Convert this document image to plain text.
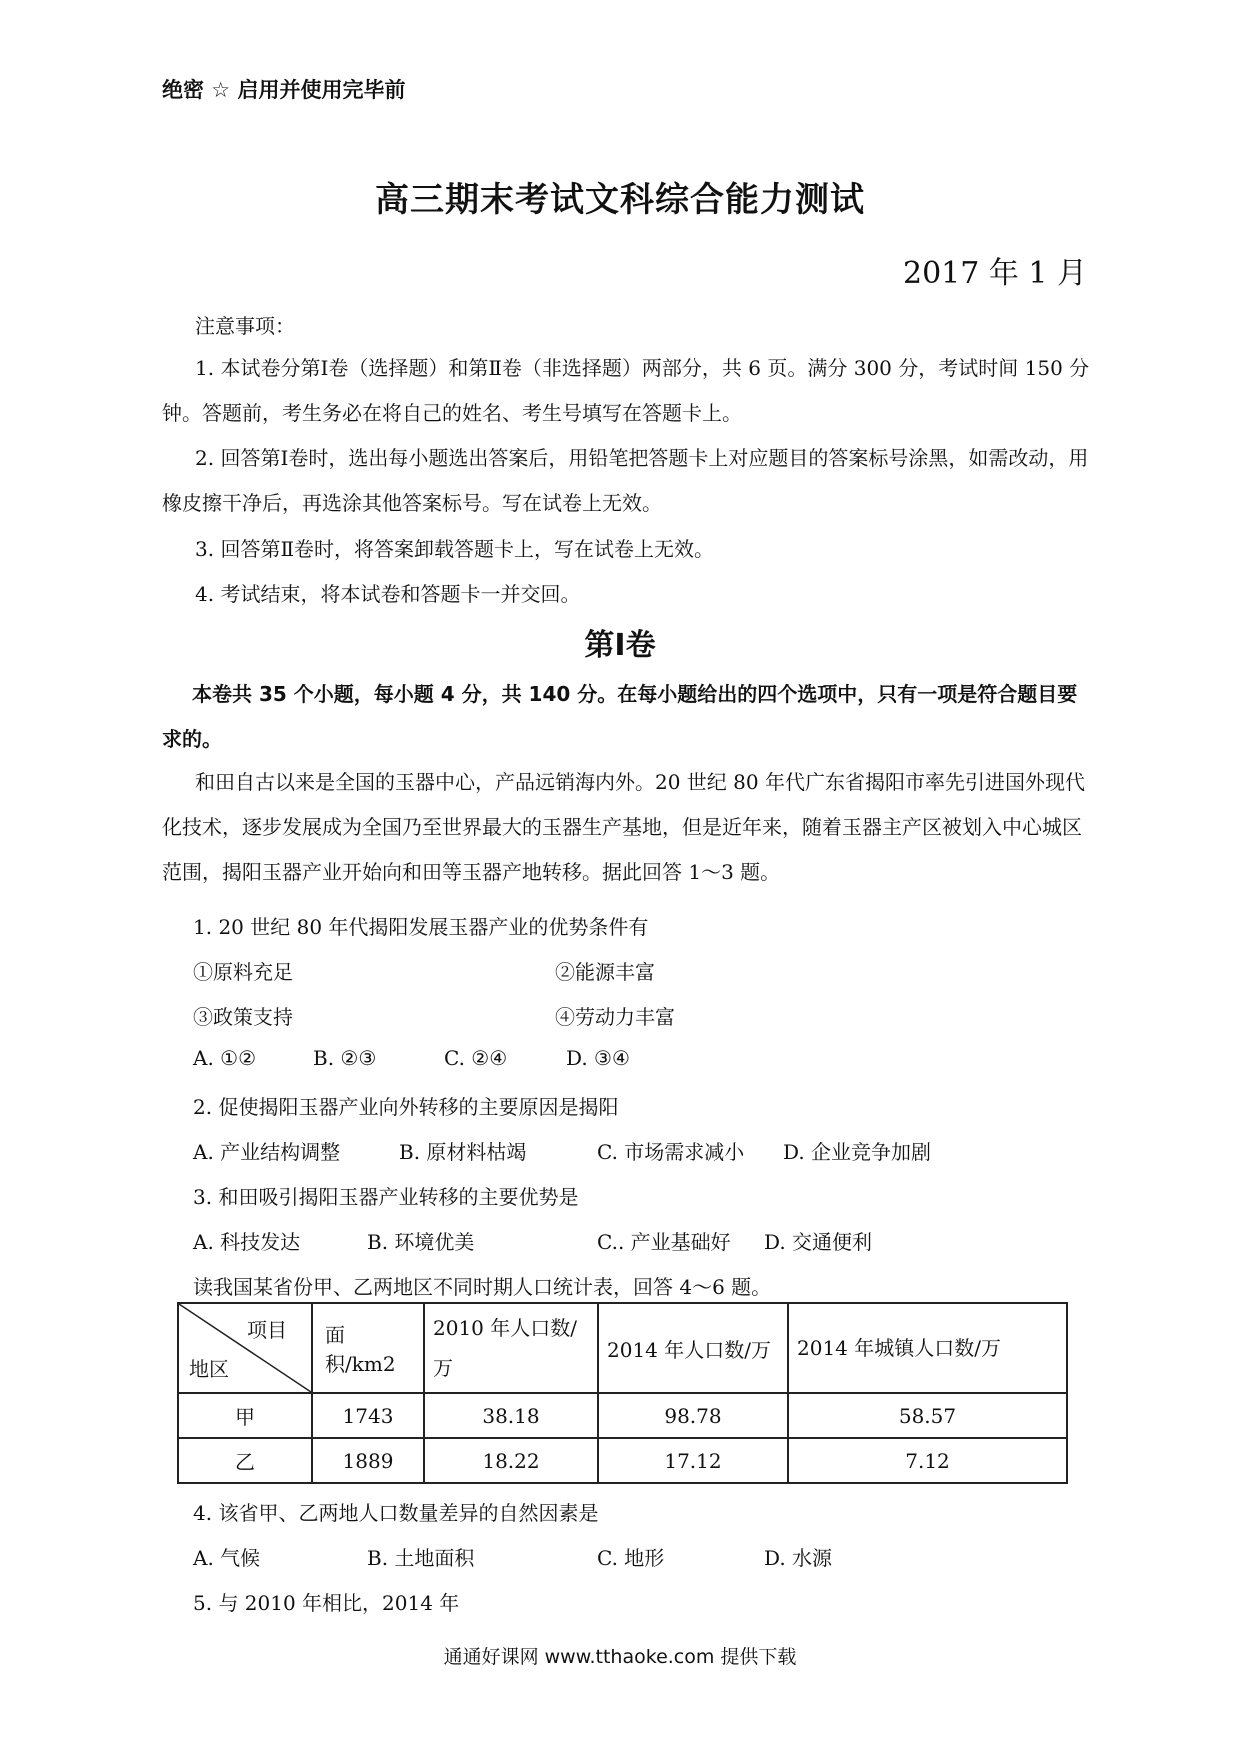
绝密 ☆ 启用并使用完毕前
高三期末考试文科综合能力测试
2017 年 1 月
注意事项：
1. 本试卷分第Ⅰ卷（选择题）和第Ⅱ卷（非选择题）两部分，共 6 页。满分 300 分，考试时间 150 分钟。答题前，考生务必在将自己的姓名、考生号填写在答题卡上。
2. 回答第Ⅰ卷时，选出每小题选出答案后，用铅笔把答题卡上对应题目的答案标号涂黑，如需改动，用橡皮擦干净后，再选涂其他答案标号。写在试卷上无效。
3. 回答第Ⅱ卷时，将答案卸载答题卡上，写在试卷上无效。
4. 考试结束，将本试卷和答题卡一并交回。
第Ⅰ卷
本卷共 35 个小题，每小题 4 分，共 140 分。在每小题给出的四个选项中，只有一项是符合题目要求的。
和田自古以来是全国的玉器中心，产品远销海内外。20 世纪 80 年代广东省揭阳市率先引进国外现代化技术，逐步发展成为全国乃至世界最大的玉器生产基地，但是近年来，随着玉器主产区被划入中心城区范围，揭阳玉器产业开始向和田等玉器产地转移。据此回答 1～3 题。
1. 20 世纪 80 年代揭阳发展玉器产业的优势条件有
①原料充足	②能源丰富
③政策支持	④劳动力丰富
A. ①②	B. ②③	C. ②④	D. ③④
2. 促使揭阳玉器产业向外转移的主要原因是揭阳
A. 产业结构调整	B. 原材料枯竭	C. 市场需求减小 D. 企业竞争加剧
3. 和田吸引揭阳玉器产业转移的主要优势是
A. 科技发达	B. 环境优美	C.. 产业基础好 D. 交通便利
读我国某省份甲、乙两地区不同时期人口统计表，回答 4～6 题。
项目
地区	面积/km2	2010 年人口数/万	2014 年人口数/万	2014 年城镇人口数/万
甲	1743	38.18	98.78	58.57
乙	1889	18.22	17.12	7.12
4. 该省甲、乙两地人口数量差异的自然因素是
A. 气候	B. 土地面积	C. 地形	D. 水源
5. 与 2010 年相比，2014 年
通通好课网 www.tthaoke.com 提供下载
